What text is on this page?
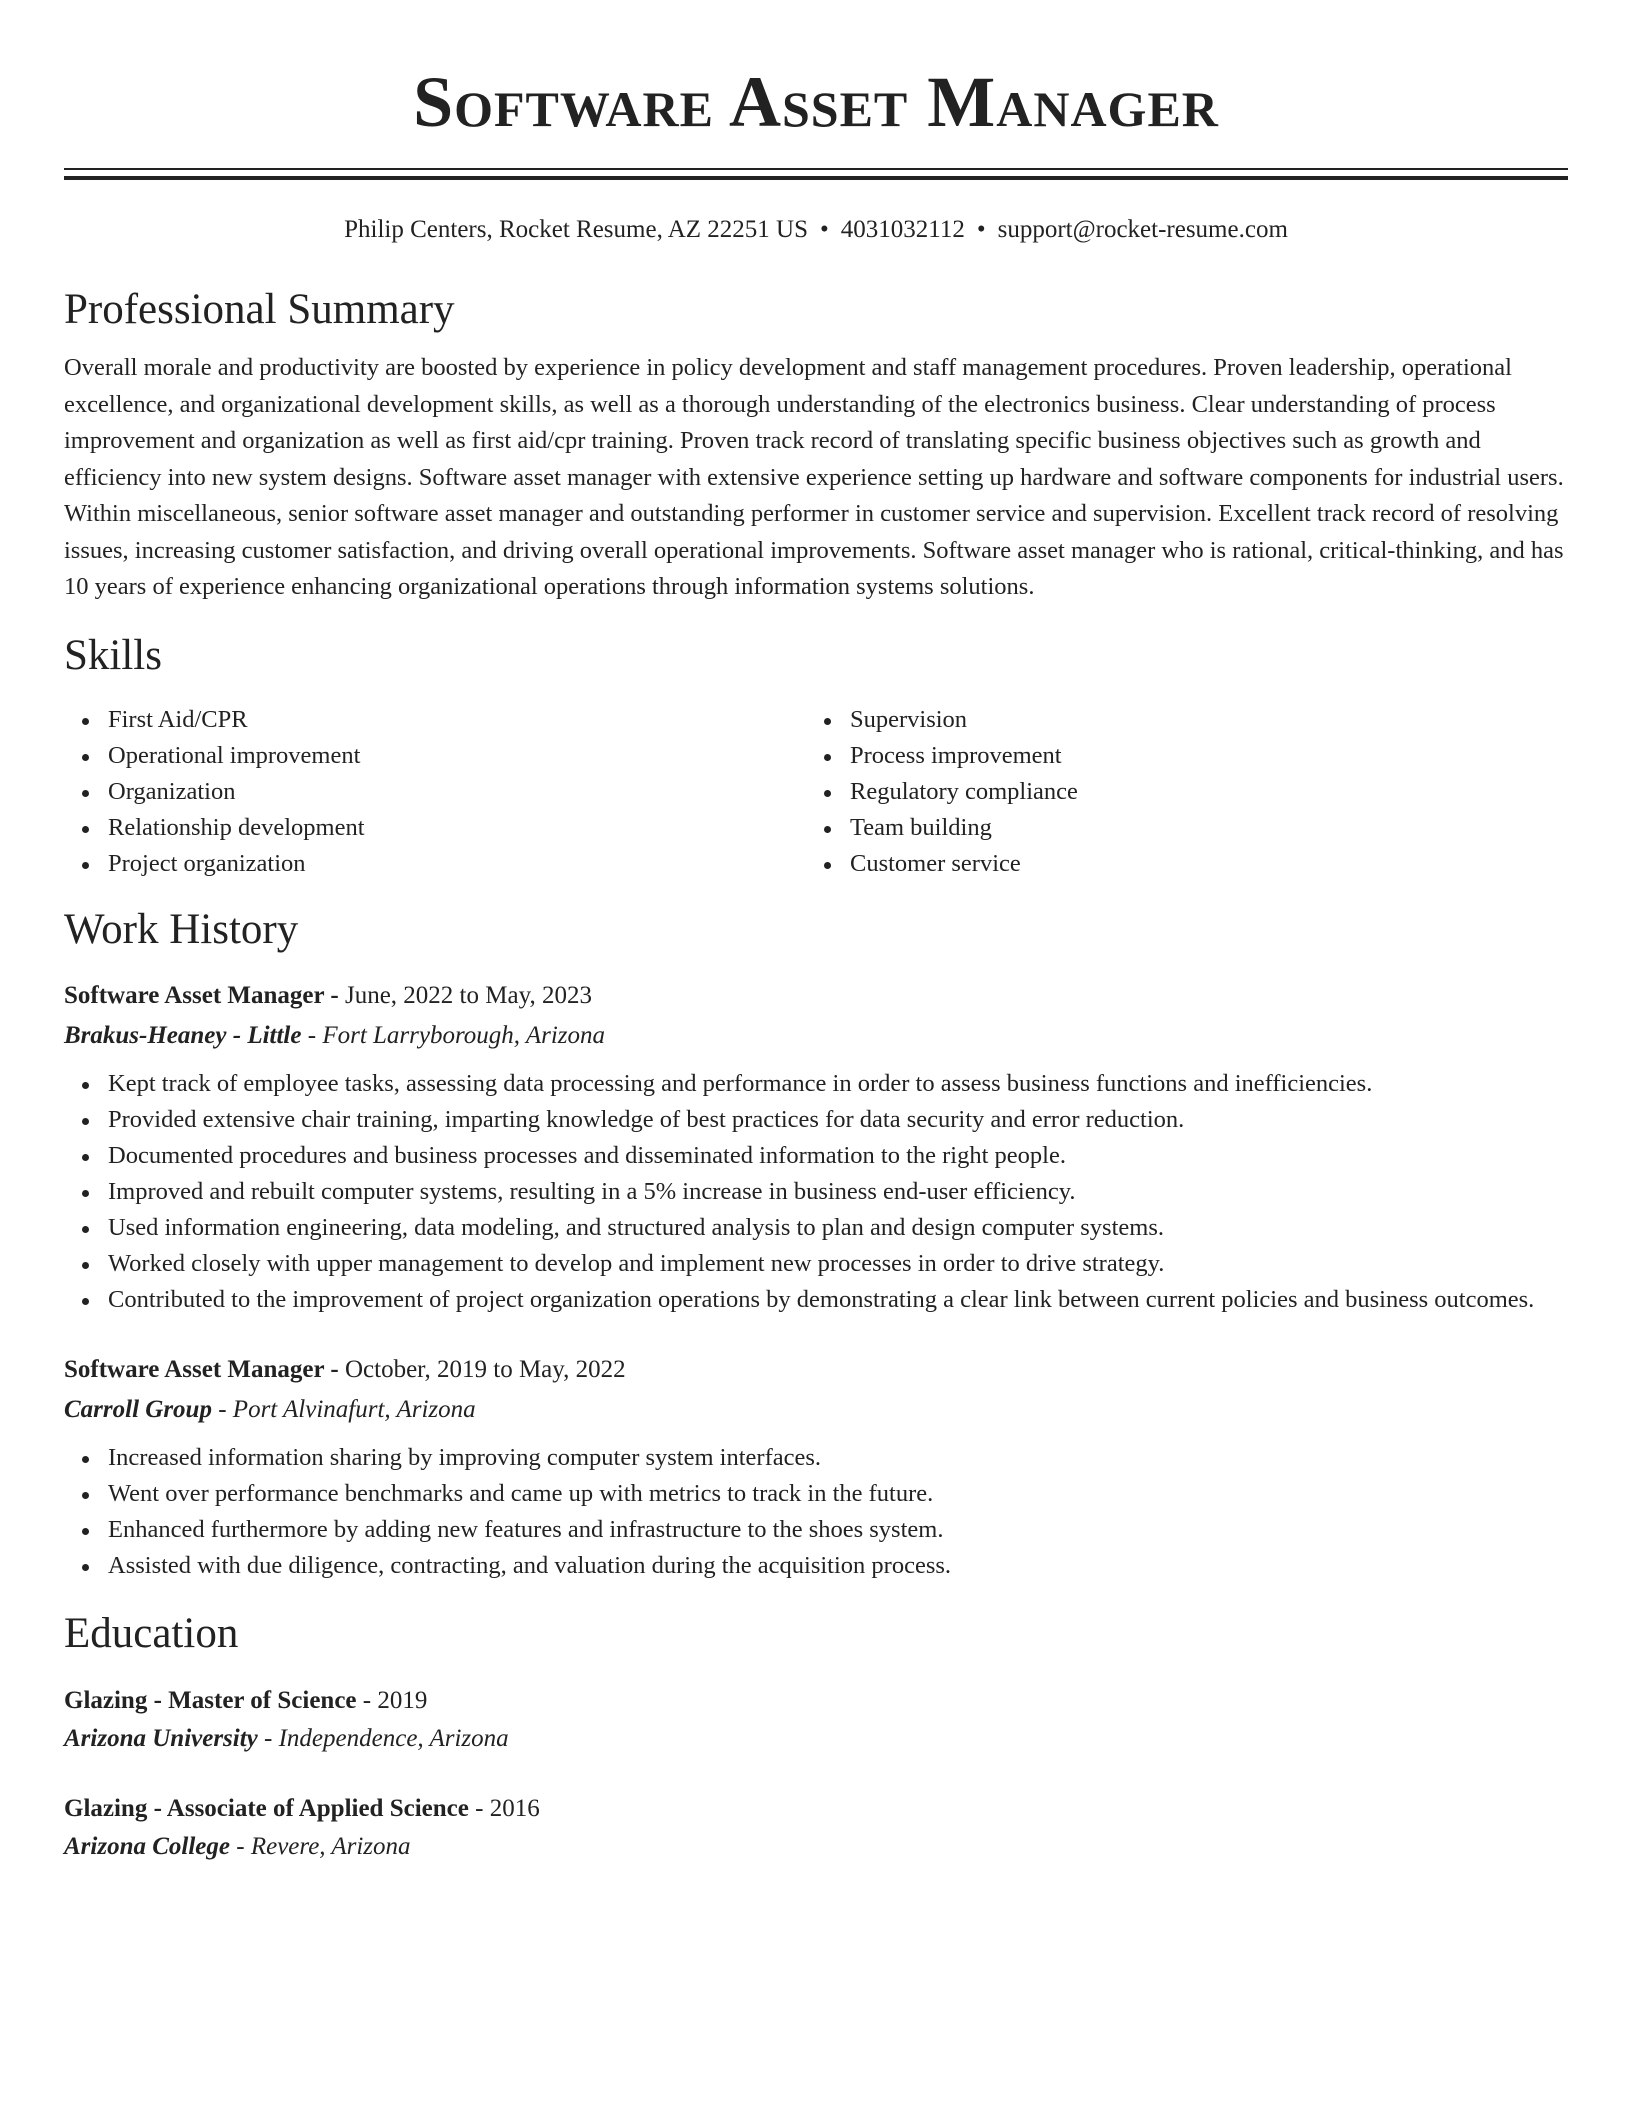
Software Asset Manager
Philip Centers, Rocket Resume, AZ 22251 US • 4031032112 • support@rocket-resume.com
Professional Summary

Overall morale and productivity are boosted by experience in policy development and staff management procedures. Proven leadership, operational excellence, and organizational development skills, as well as a thorough understanding of the electronics business. Clear understanding of process improvement and organization as well as first aid/cpr training. Proven track record of translating specific business objectives such as growth and efficiency into new system designs. Software asset manager with extensive experience setting up hardware and software components for industrial users. Within miscellaneous, senior software asset manager and outstanding performer in customer service and supervision. Excellent track record of resolving issues, increasing customer satisfaction, and driving overall operational improvements. Software asset manager who is rational, critical-thinking, and has 10 years of experience enhancing organizational operations through information systems solutions.

Skills
First Aid/CPR
Operational improvement
Organization
Relationship development
Project organization
Supervision
Process improvement
Regulatory compliance
Team building
Customer service
Work History
Software Asset Manager - June, 2022 to May, 2023
Brakus-Heaney - Little - Fort Larryborough, Arizona
Kept track of employee tasks, assessing data processing and performance in order to assess business functions and inefficiencies.
Provided extensive chair training, imparting knowledge of best practices for data security and error reduction.
Documented procedures and business processes and disseminated information to the right people.
Improved and rebuilt computer systems, resulting in a 5% increase in business end-user efficiency.
Used information engineering, data modeling, and structured analysis to plan and design computer systems.
Worked closely with upper management to develop and implement new processes in order to drive strategy.
Contributed to the improvement of project organization operations by demonstrating a clear link between current policies and business outcomes.
Software Asset Manager - October, 2019 to May, 2022
Carroll Group - Port Alvinafurt, Arizona
Increased information sharing by improving computer system interfaces.
Went over performance benchmarks and came up with metrics to track in the future.
Enhanced furthermore by adding new features and infrastructure to the shoes system.
Assisted with due diligence, contracting, and valuation during the acquisition process.
Education
Glazing - Master of Science - 2019
Arizona University - Independence, Arizona
Glazing - Associate of Applied Science - 2016
Arizona College - Revere, Arizona
